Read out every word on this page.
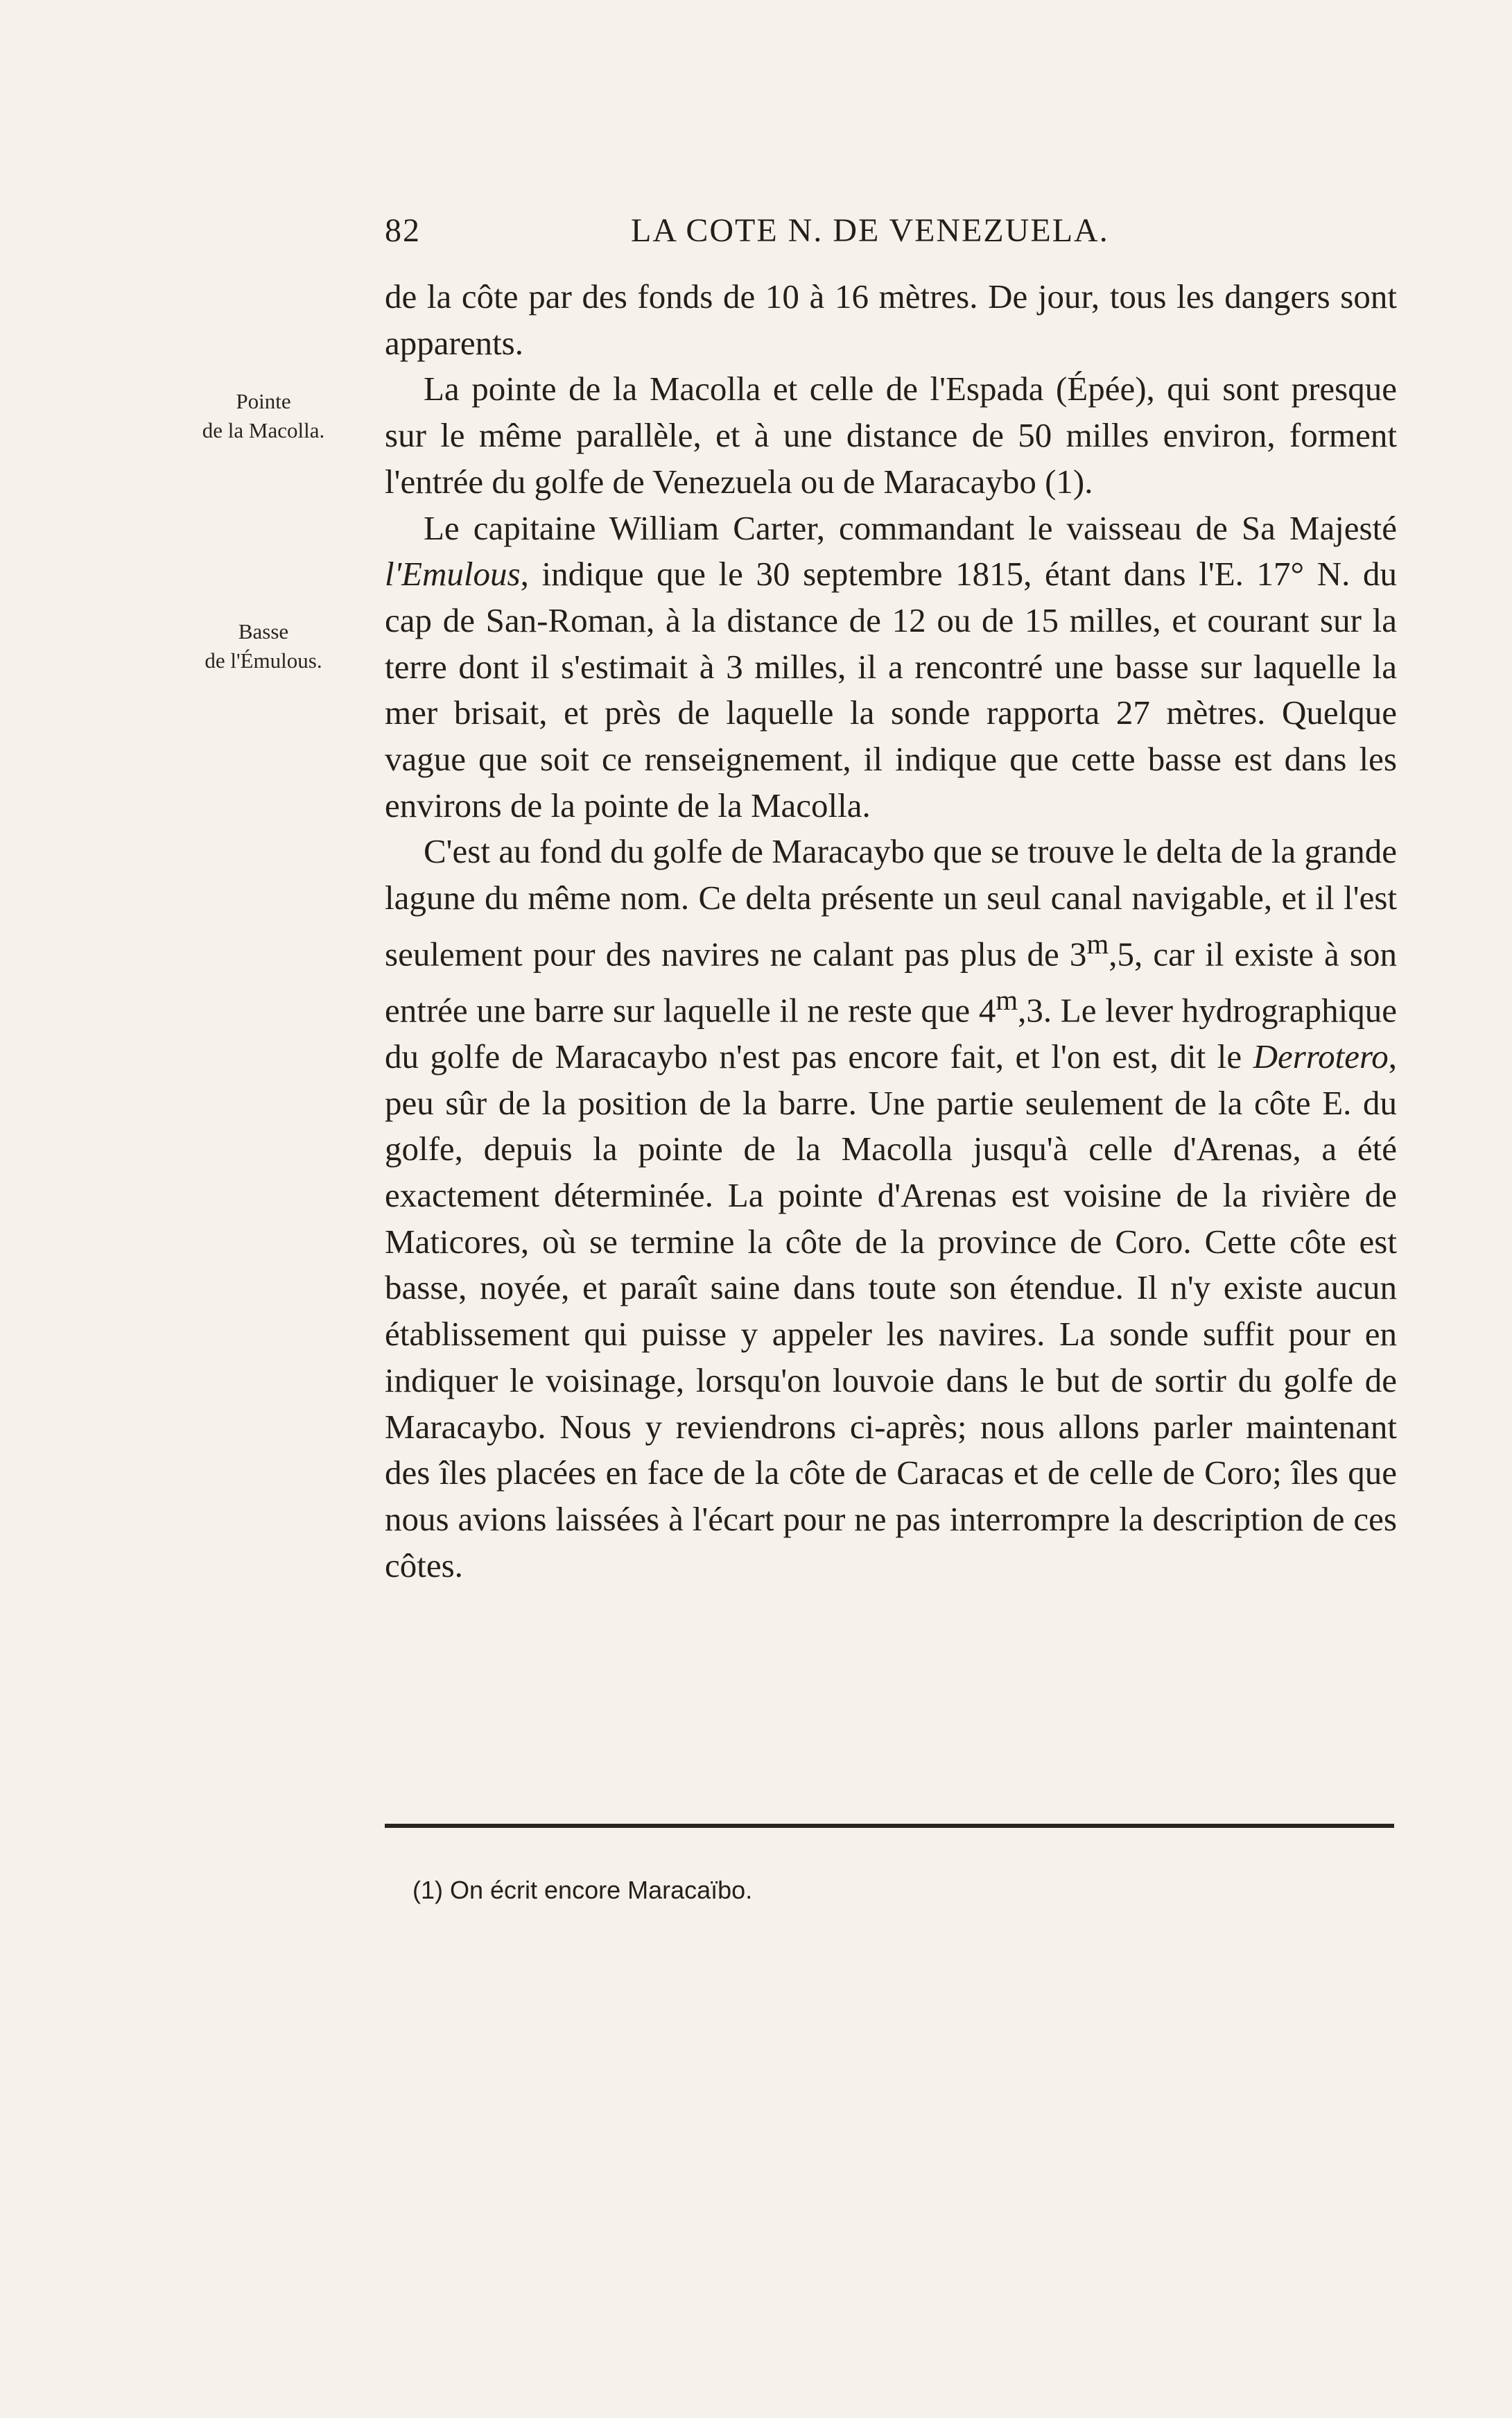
82	LA COTE N. DE VENEZUELA.
Pointe
de la Macolla.
Basse
de l'Émulous.

de la côte par des fonds de 10 à 16 mètres. De jour, tous les dangers sont apparents.

La pointe de la Macolla et celle de l'Espada (Épée), qui sont presque sur le même parallèle, et à une distance de 50 milles environ, forment l'entrée du golfe de Venezuela ou de Maracaybo (1).

Le capitaine William Carter, commandant le vaisseau de Sa Majesté l'Emulous, indique que le 30 septembre 1815, étant dans l'E. 17° N. du cap de San-Roman, à la distance de 12 ou de 15 milles, et courant sur la terre dont il s'estimait à 3 milles, il a rencontré une basse sur laquelle la mer brisait, et près de laquelle la sonde rapporta 27 mètres. Quelque vague que soit ce renseignement, il indique que cette basse est dans les environs de la pointe de la Macolla.

C'est au fond du golfe de Maracaybo que se trouve le delta de la grande lagune du même nom. Ce delta présente un seul canal navigable, et il l'est seulement pour des navires ne calant pas plus de 3$^m$,5, car il existe à son entrée une barre sur laquelle il ne reste que 4$^m$,3. Le lever hydrographique du golfe de Maracaybo n'est pas encore fait, et l'on est, dit le Derrotero, peu sûr de la position de la barre. Une partie seulement de la côte E. du golfe, depuis la pointe de la Macolla jusqu'à celle d'Arenas, a été exactement déterminée. La pointe d'Arenas est voisine de la rivière de Maticores, où se termine la côte de la province de Coro. Cette côte est basse, noyée, et paraît saine dans toute son étendue. Il n'y existe aucun établissement qui puisse y appeler les navires. La sonde suffit pour en indiquer le voisinage, lorsqu'on louvoie dans le but de sortir du golfe de Maracaybo. Nous y reviendrons ci-après; nous allons parler maintenant des îles placées en face de la côte de Caracas et de celle de Coro; îles que nous avions laissées à l'écart pour ne pas interrompre la description de ces côtes.

(1) On écrit encore Maracaïbo.
